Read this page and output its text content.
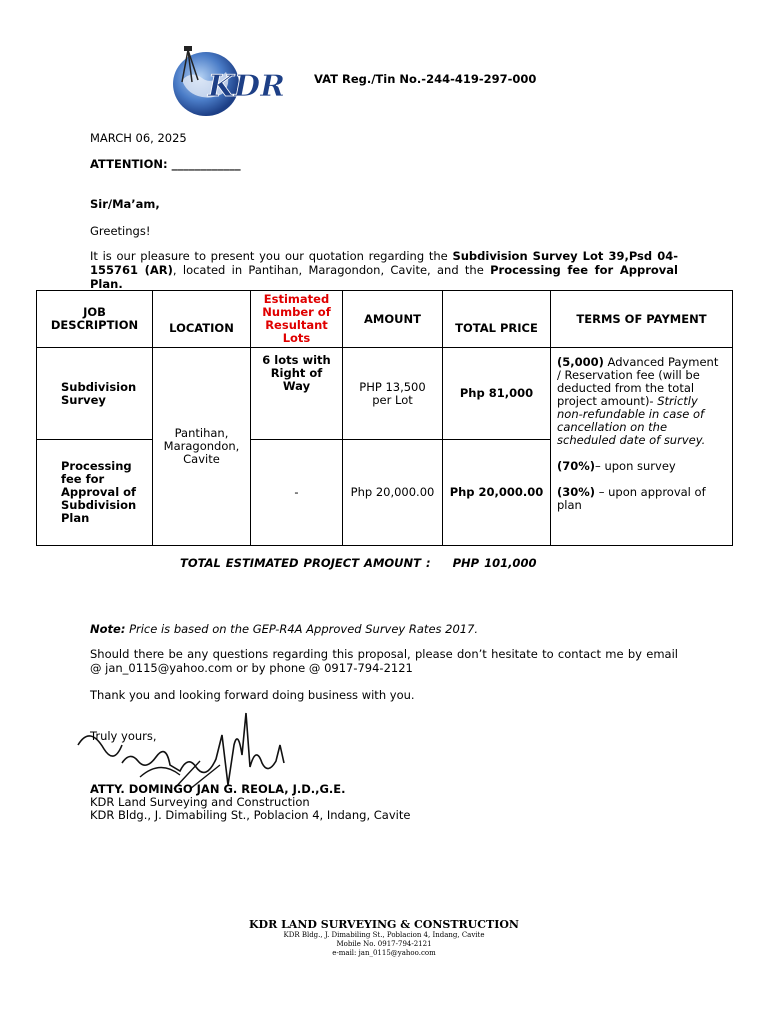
KDR	VAT Reg./Tin No.-244-419-297-000
MARCH 06, 2025
ATTENTION: ____________
Sir/Ma’am,
Greetings!
It is our pleasure to present you our quotation regarding the Subdivision Survey Lot 39,Psd 04-155761 (AR), located in Pantihan, Maragondon, Cavite, and the Processing fee for Approval Plan.
JOB DESCRIPTION	LOCATION	Estimated Number of Resultant Lots	AMOUNT	TOTAL PRICE	TERMS OF PAYMENT
Subdivision Survey	Pantihan, Maragondon, Cavite	6 lots with Right of Way	PHP 13,500 per Lot	Php 81,000	(5,000) Advanced Payment / Reservation fee (will be deducted from the total project amount)- Strictly non-refundable in case of cancellation on the scheduled date of survey.
(70%)– upon survey
(30%) – upon approval of plan

Processing fee for Approval of Subdivision Plan		-	Php 20,000.00	Php 20,000.00	
TOTAL ESTIMATED PROJECT AMOUNT : PHP 101,000
Note: Price is based on the GEP-R4A Approved Survey Rates 2017.
Should there be any questions regarding this proposal, please don’t hesitate to contact me by email @ jan_0115@yahoo.com or by phone @ 0917-794-2121
Thank you and looking forward doing business with you.
Truly yours,
ATTY. DOMINGO JAN G. REOLA, J.D.,G.E.
KDR Land Surveying and Construction
KDR Bldg., J. Dimabiling St., Poblacion 4, Indang, Cavite
KDR LAND SURVEYING & CONSTRUCTION
KDR Bldg., J. Dimabiling St., Poblacion 4, Indang, Cavite
Mobile No. 0917-794-2121
e-mail: jan_0115@yahoo.com
